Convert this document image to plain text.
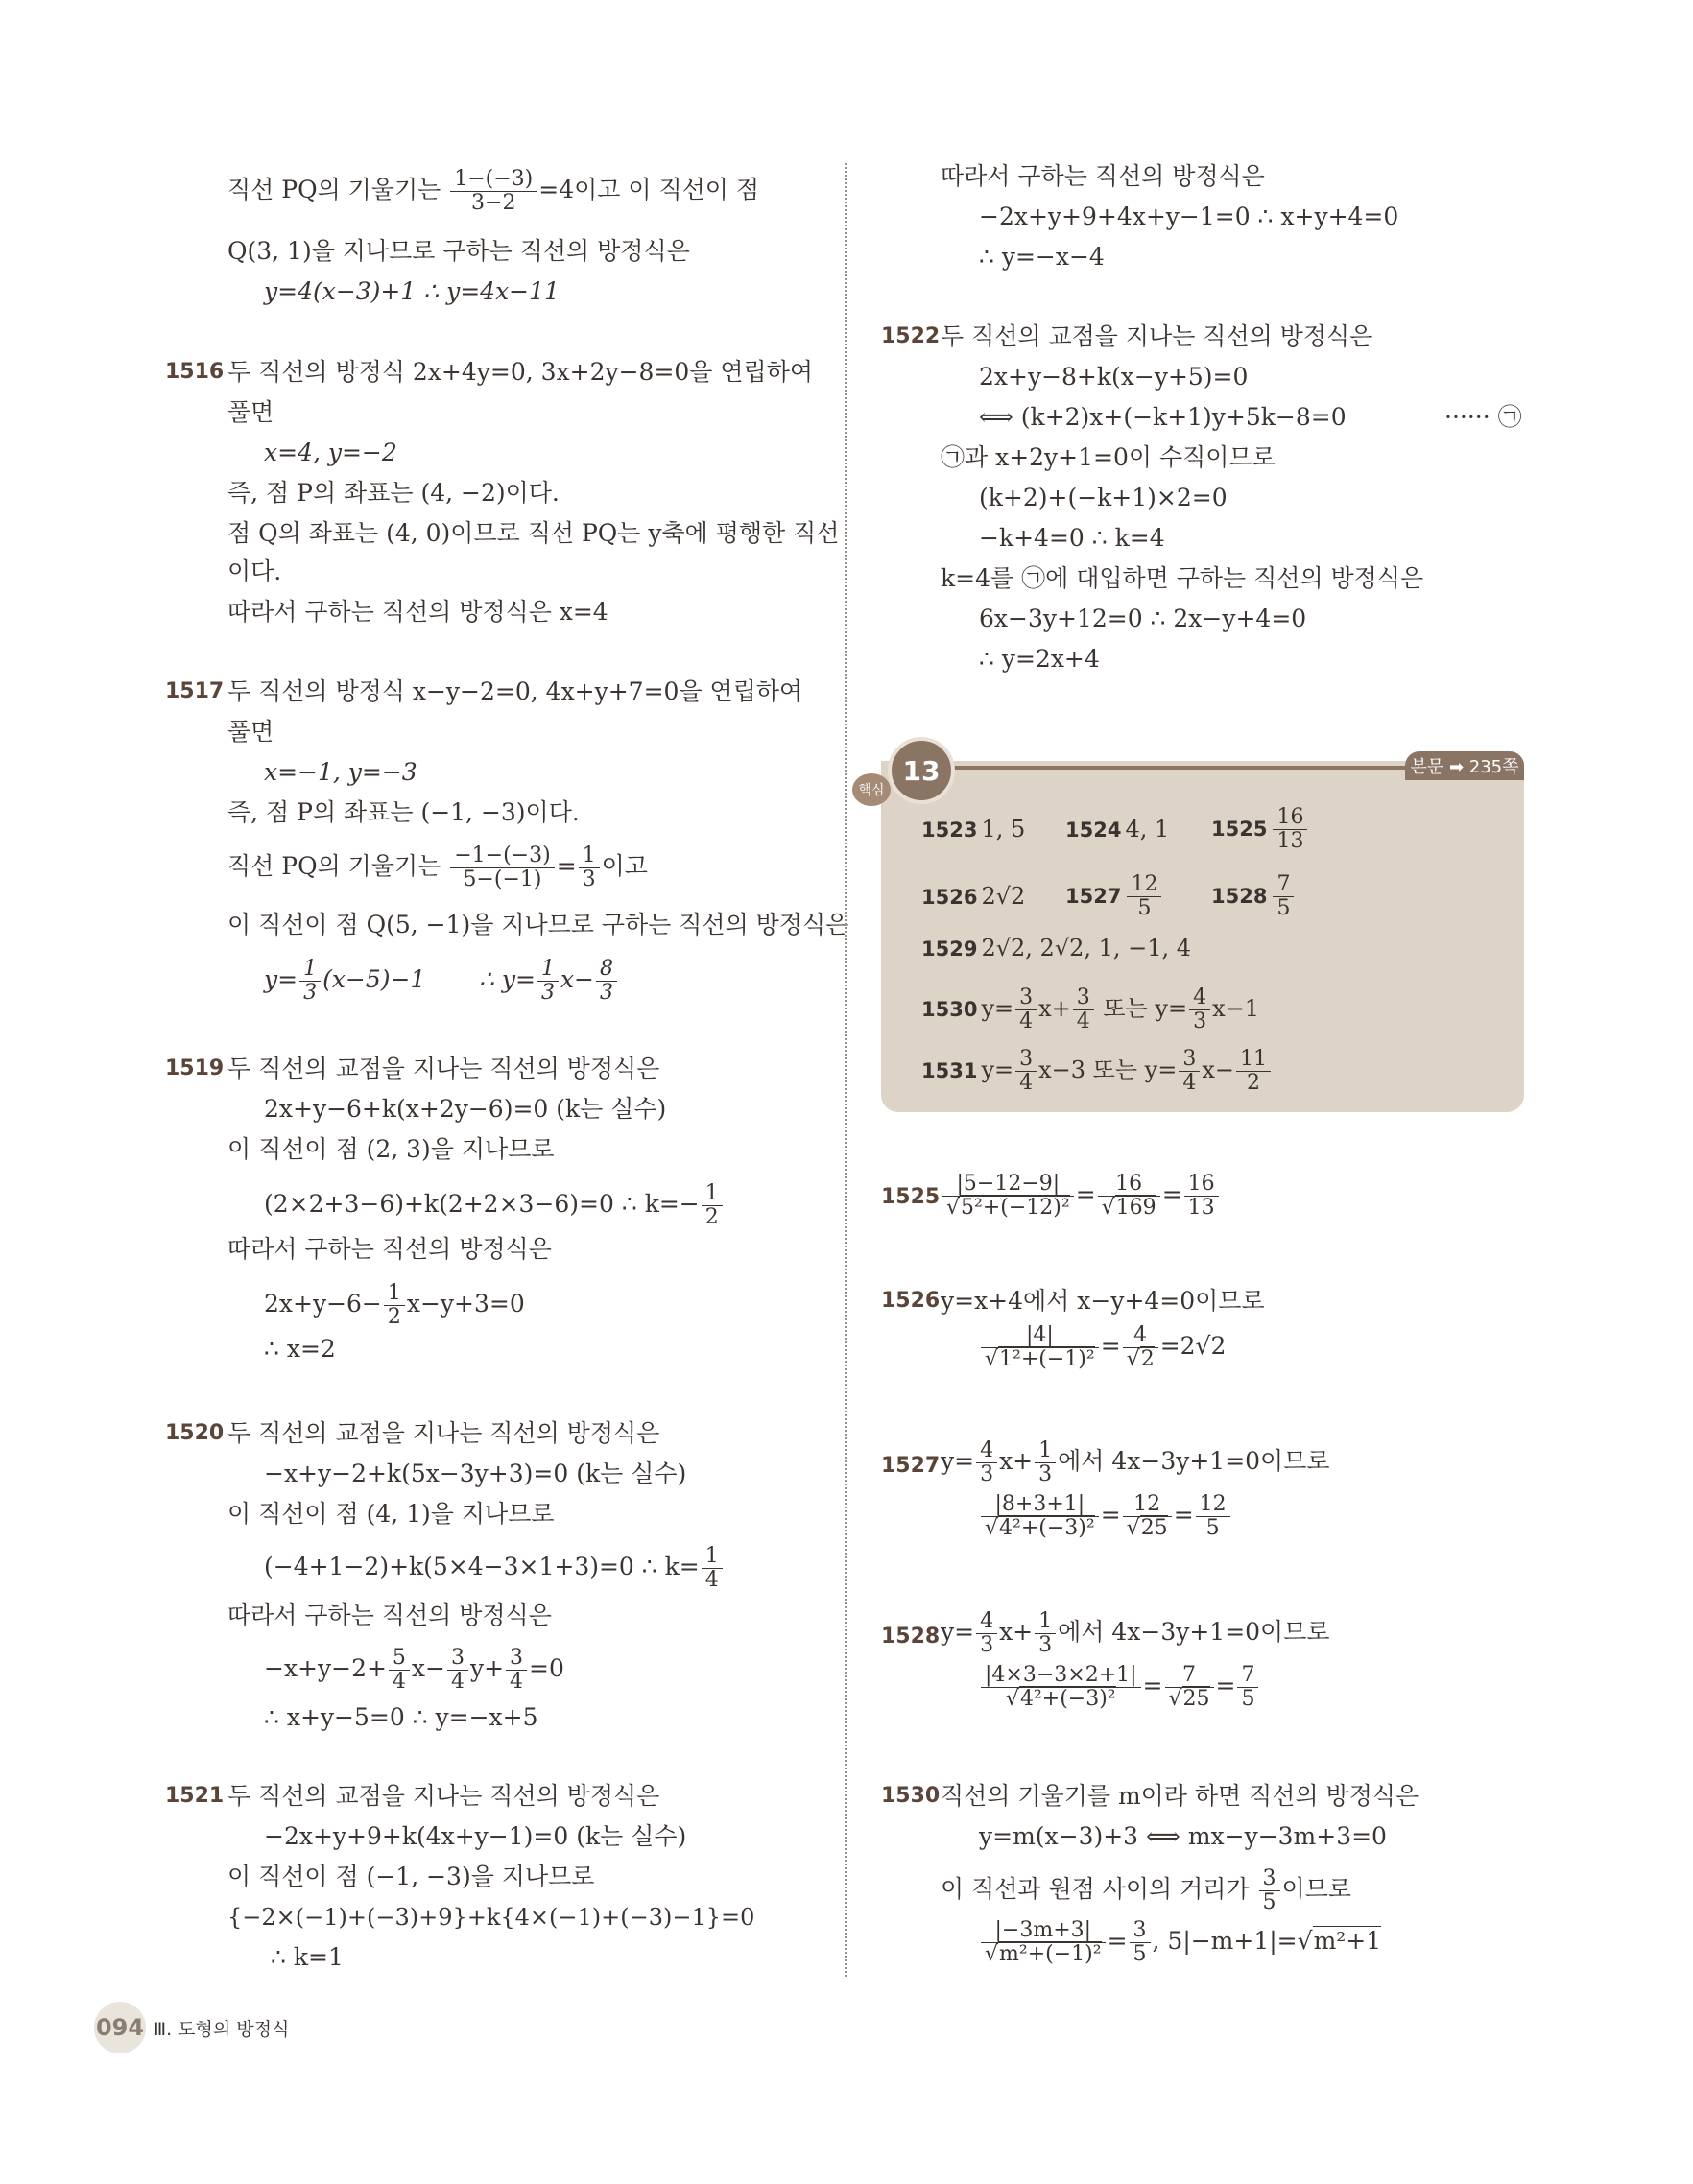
직선 PQ의 기울기는 $\frac{1-(-3)}{3-2} =4$이고 이 직선이 점
Q(3, 1)을 지나므로 구하는 직선의 방정식은
y=4(x−3)+1 ∴ y=4x−11
1516 두 직선의 방정식 2x+4y=0, 3x+2y−8=0을 연립하여
풀면
x=4, y=−2
즉, 점 P의 좌표는 (4, −2)이다.
점 Q의 좌표는 (4, 0)이므로 직선 PQ는 y축에 평행한 직선
이다.
따라서 구하는 직선의 방정식은 x=4
1517 두 직선의 방정식 x−y−2=0, 4x+y+7=0을 연립하여
풀면
x=−1, y=−3
즉, 점 P의 좌표는 (−1, −3)이다.
직선 PQ의 기울기는 $\frac{-1-(-3)}{5-(-1)} = \frac{1}{3}$ 이고
이 직선이 점 Q(5, −1)을 지나므로 구하는 직선의 방정식은
$y= \frac{1}{3} (x-5)-1$       ∴ $y= \frac{1}{3} x- \frac{8}{3}$
1519 두 직선의 교점을 지나는 직선의 방정식은
2x+y−6+k(x+2y−6)=0 (k는 실수)
이 직선이 점 (2, 3)을 지나므로
(2×2+3−6)+k(2+2×3−6)=0 ∴ $k=- \frac{1}{2}$
따라서 구하는 직선의 방정식은
$2x+y-6- \frac{1}{2} x-y+3=0$
∴ x=2
1520 두 직선의 교점을 지나는 직선의 방정식은
−x+y−2+k(5x−3y+3)=0 (k는 실수)
이 직선이 점 (4, 1)을 지나므로
(−4+1−2)+k(5×4−3×1+3)=0 ∴ $k= \frac{1}{4}$
따라서 구하는 직선의 방정식은
$-x+y-2+ \frac{5}{4} x- \frac{3}{4} y+ \frac{3}{4} =0$
∴ x+y−5=0 ∴ y=−x+5
1521 두 직선의 교점을 지나는 직선의 방정식은
−2x+y+9+k(4x+y−1)=0 (k는 실수)
이 직선이 점 (−1, −3)을 지나므로
{−2×(−1)+(−3)+9}+k{4×(−1)+(−3)−1}=0
∴ k=1
따라서 구하는 직선의 방정식은
−2x+y+9+4x+y−1=0 ∴ x+y+4=0
∴ y=−x−4
1522 두 직선의 교점을 지나는 직선의 방정식은
2x+y−8+k(x−y+5)=0
⟺ (k+2)x+(−k+1)y+5k−8=0	······ ㉠
㉠과 x+2y+1=0이 수직이므로
(k+2)+(−k+1)×2=0
−k+4=0 ∴ k=4
k=4를 ㉠에 대입하면 구하는 직선의 방정식은
6x−3y+12=0 ∴ 2x−y+4=0
∴ y=2x+4
본문 ➡ 235쪽
13
핵심
1523 1, 5 1524 4, 1 $1525 \frac{16}{13}$
1526 2√2 $1527 \frac{12}{5} 1528 \frac{7}{5}$
1529 2√2, 2√2, 1, −1, 4
1530 $y= \frac{3}{4} x+ \frac{3}{4}$ 또는 $y= \frac{4}{3} x-1$
1531 $y= \frac{3}{4} x-3$ 또는 $y= \frac{3}{4} x- \frac{11}{2}$
$1525 \frac{|5-12-9|}{\text{√5²+(−12)²}} = \frac{16}{√169} = \frac{16}{13}$
1526 y=x+4에서 x−y+4=0이므로
$\frac{|4|}{\text{√1²+(−1)²}} = \frac{4}{√2} =2√2$
1527 $y= \frac{4}{3} x+ \frac{1}{3}$ 에서 4x−3y+1=0이므로
$\frac{|8+3+1|}{\text{√4²+(−3)²}} = \frac{12}{√25} = \frac{12}{5}$
1528 $y= \frac{4}{3} x+ \frac{1}{3}$ 에서 4x−3y+1=0이므로
$\frac{|4\times 3-3\times 2+1|}{\text{√4²+(−3)²}} = \frac{7}{√25} = \frac{7}{5}$
1530 직선의 기울기를 m이라 하면 직선의 방정식은
y=m(x−3)+3 ⟺ mx−y−3m+3=0
이 직선과 원점 사이의 거리가 $\frac{3}{5}$ 이므로
$\frac{|-3m+3|}{\text{√m²+(−1)²}} = \frac{3}{5}$ , 5|−m+1|=√m²+1
094 Ⅲ. 도형의 방정식
